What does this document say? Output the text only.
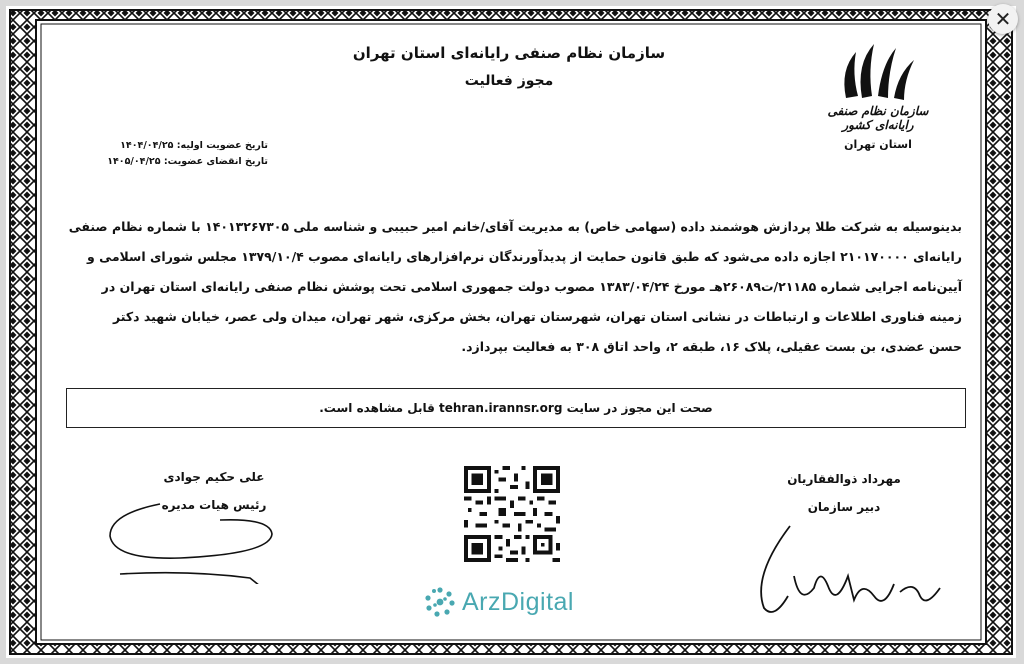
سازمان نظام صنفی رایانه‌ای استان تهران
مجوز فعالیت
سازمان نظام صنفی رایانه‌ای کشور
استان تهران
تاریخ عضویت اولیه: ۱۴۰۴/۰۴/۲۵
تاریخ انقضای عضویت: ۱۴۰۵/۰۴/۲۵

بدینوسیله به شرکت طلا پردازش هوشمند داده (سهامی خاص) به مدیریت آقای/خانم امیر حبیبی و شناسه ملی ۱۴۰۱۳۲۶۷۳۰۵ با شماره نظام صنفی

رایانه‌ای ۲۱۰۱۷۰۰۰۰ اجازه داده می‌شود که طبق قانون حمایت از پدیدآورندگان نرم‌افزارهای رایانه‌ای مصوب ۱۳۷۹/۱۰/۴ مجلس شورای اسلامی و

آیین‌نامه اجرایی شماره ۲۱۱۸۵/ت۲۶۰۸۹هـ مورخ ۱۳۸۳/۰۴/۲۴ مصوب دولت جمهوری اسلامی تحت پوشش نظام صنفی رایانه‌ای استان تهران در

زمینه فناوری اطلاعات و ارتباطات در نشانی استان تهران، شهرستان تهران، بخش مرکزی، شهر تهران، میدان ولی عصر، خیابان شهید دکتر

حسن عضدی، بن بست عقیلی، پلاک ۱۶، طبقه ۲، واحد اتاق ۳۰۸ به فعالیت بپردازد.

صحت این مجوز در سایت

tehran.irannsr.org

قابل مشاهده است.
علی حکیم جوادی
رئیس هیات مدیره
مهرداد ذوالفقاریان
دبیر سازمان
ArzDigital
✕
